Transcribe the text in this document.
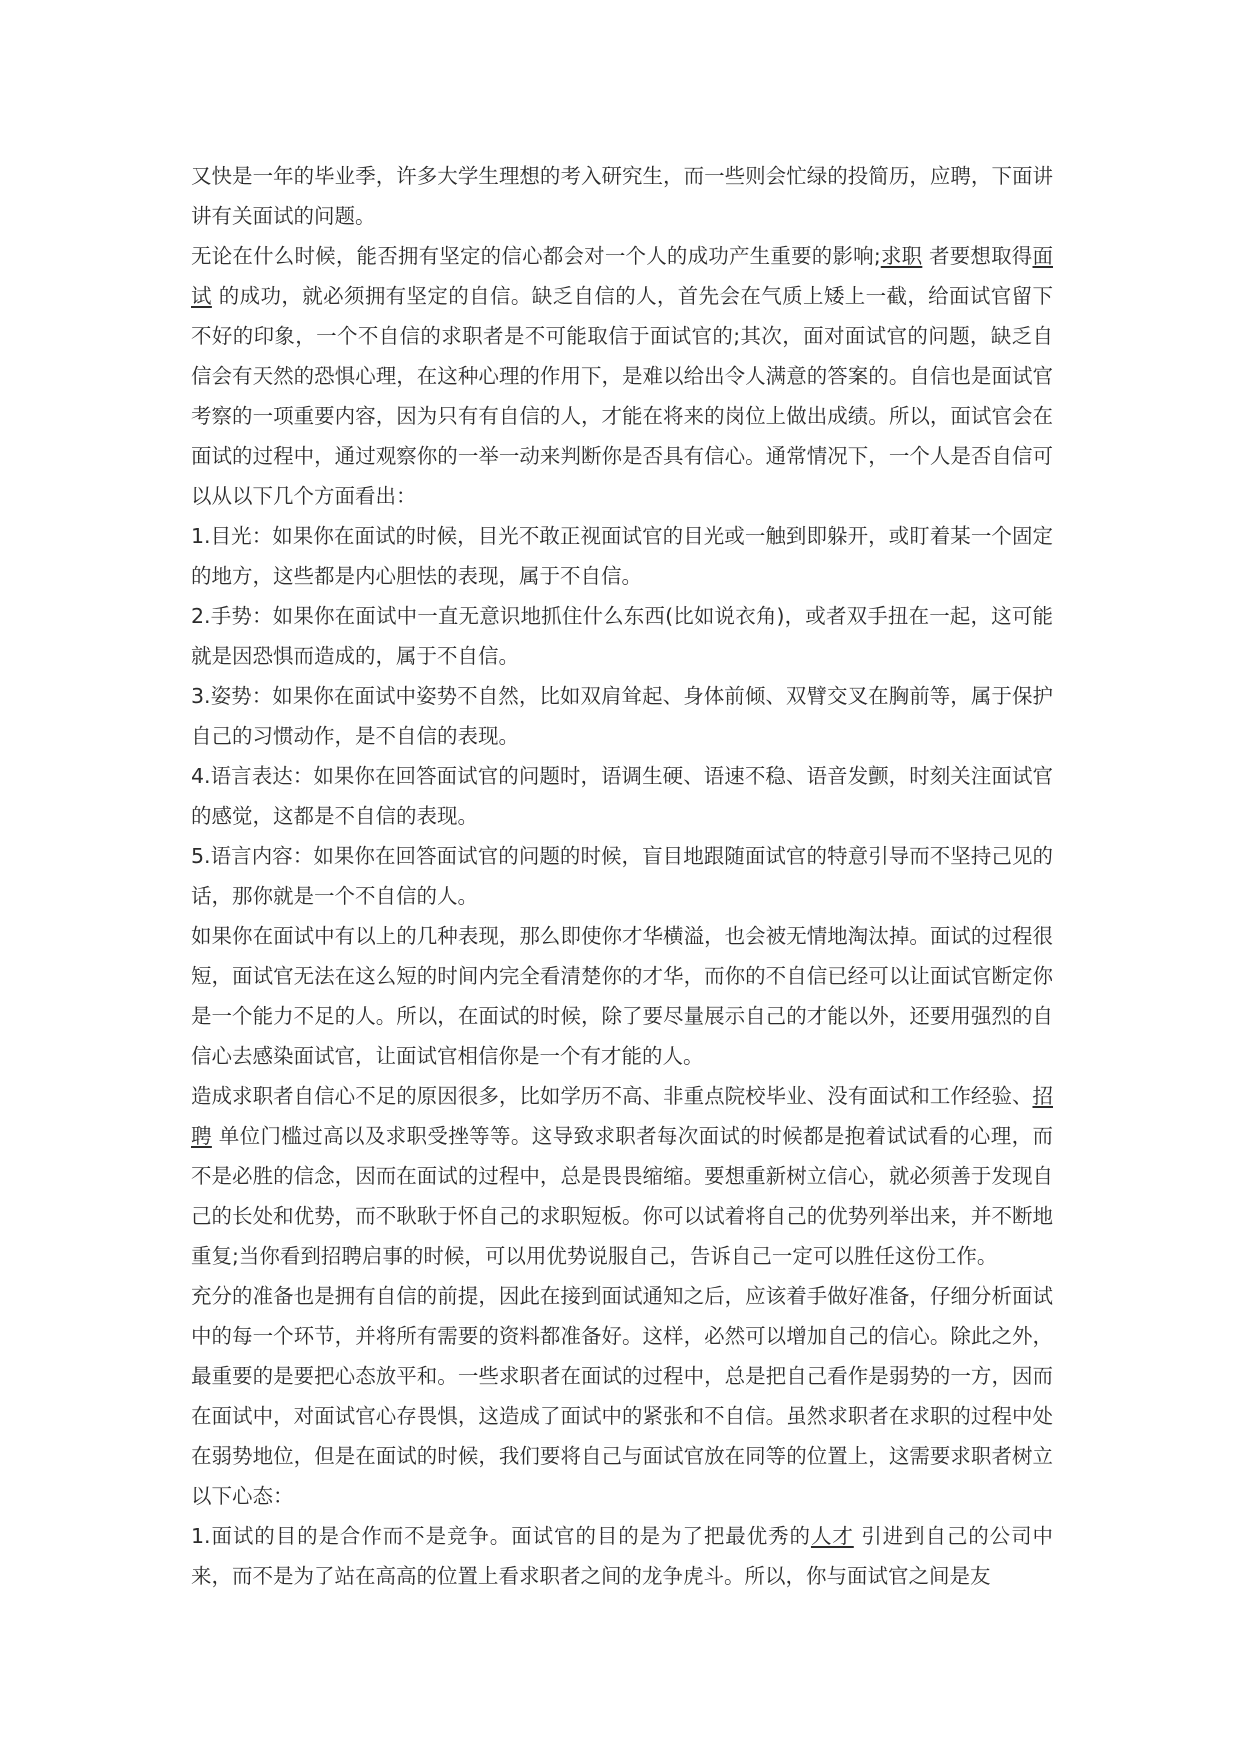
又快是一年的毕业季，许多大学生理想的考入研究生，而一些则会忙绿的投简历，应聘，下面讲讲有关面试的问题。

无论在什么时候，能否拥有坚定的信心都会对一个人的成功产生重要的影响;求职 者要想取得面试 的成功，就必须拥有坚定的自信。缺乏自信的人，首先会在气质上矮上一截，给面试官留下不好的印象，一个不自信的求职者是不可能取信于面试官的;其次，面对面试官的问题，缺乏自信会有天然的恐惧心理，在这种心理的作用下，是难以给出令人满意的答案的。自信也是面试官考察的一项重要内容，因为只有有自信的人，才能在将来的岗位上做出成绩。所以，面试官会在面试的过程中，通过观察你的一举一动来判断你是否具有信心。通常情况下，一个人是否自信可以从以下几个方面看出：

1.目光：如果你在面试的时候，目光不敢正视面试官的目光或一触到即躲开，或盯着某一个固定的地方，这些都是内心胆怯的表现，属于不自信。

2.手势：如果你在面试中一直无意识地抓住什么东西(比如说衣角)，或者双手扭在一起，这可能就是因恐惧而造成的，属于不自信。

3.姿势：如果你在面试中姿势不自然，比如双肩耸起、身体前倾、双臂交叉在胸前等，属于保护自己的习惯动作，是不自信的表现。

4.语言表达：如果你在回答面试官的问题时，语调生硬、语速不稳、语音发颤，时刻关注面试官的感觉，这都是不自信的表现。

5.语言内容：如果你在回答面试官的问题的时候，盲目地跟随面试官的特意引导而不坚持己见的话，那你就是一个不自信的人。

如果你在面试中有以上的几种表现，那么即使你才华横溢，也会被无情地淘汰掉。面试的过程很短，面试官无法在这么短的时间内完全看清楚你的才华，而你的不自信已经可以让面试官断定你是一个能力不足的人。所以，在面试的时候，除了要尽量展示自己的才能以外，还要用强烈的自信心去感染面试官，让面试官相信你是一个有才能的人。

造成求职者自信心不足的原因很多，比如学历不高、非重点院校毕业、没有面试和工作经验、招聘 单位门槛过高以及求职受挫等等。这导致求职者每次面试的时候都是抱着试试看的心理，而不是必胜的信念，因而在面试的过程中，总是畏畏缩缩。要想重新树立信心，就必须善于发现自己的长处和优势，而不耿耿于怀自己的求职短板。你可以试着将自己的优势列举出来，并不断地重复;当你看到招聘启事的时候，可以用优势说服自己，告诉自己一定可以胜任这份工作。

充分的准备也是拥有自信的前提，因此在接到面试通知之后，应该着手做好准备，仔细分析面试中的每一个环节，并将所有需要的资料都准备好。这样，必然可以增加自己的信心。除此之外，最重要的是要把心态放平和。一些求职者在面试的过程中，总是把自己看作是弱势的一方，因而在面试中，对面试官心存畏惧，这造成了面试中的紧张和不自信。虽然求职者在求职的过程中处在弱势地位，但是在面试的时候，我们要将自己与面试官放在同等的位置上，这需要求职者树立以下心态：

1.面试的目的是合作而不是竞争。面试官的目的是为了把最优秀的人才 引进到自己的公司中来，而不是为了站在高高的位置上看求职者之间的龙争虎斗。所以，你与面试官之间是友
